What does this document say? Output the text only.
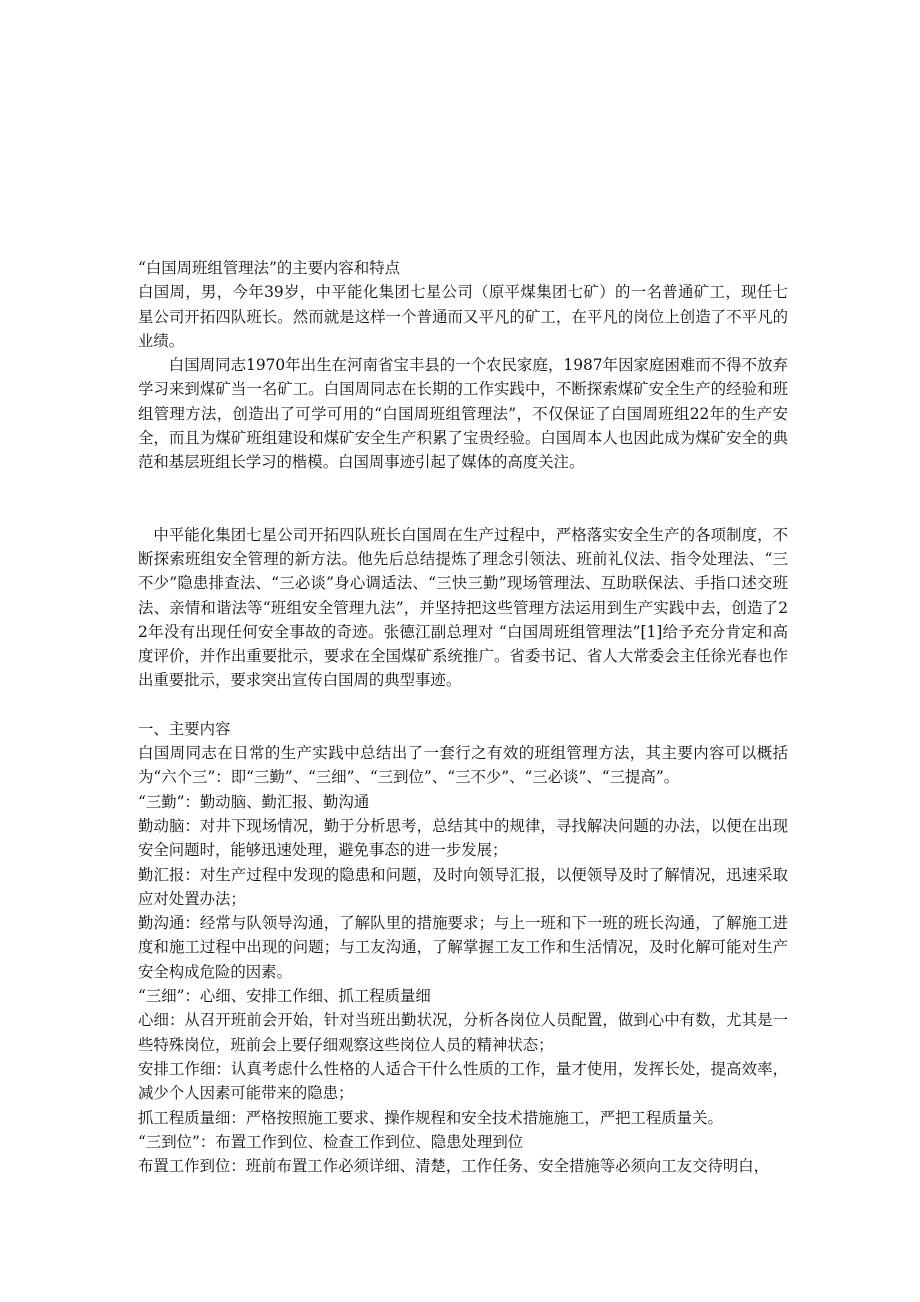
“白国周班组管理法”的主要内容和特点

白国周，男，今年39岁，中平能化集团七星公司（原平煤集团七矿）的一名普通矿工，现任七星公司开拓四队班长。然而就是这样一个普通而又平凡的矿工，在平凡的岗位上创造了不平凡的业绩。

白国周同志1970年出生在河南省宝丰县的一个农民家庭，1987年因家庭困难而不得不放弃学习来到煤矿当一名矿工。白国周同志在长期的工作实践中，不断探索煤矿安全生产的经验和班组管理方法，创造出了可学可用的“白国周班组管理法”，不仅保证了白国周班组22年的生产安全，而且为煤矿班组建设和煤矿安全生产积累了宝贵经验。白国周本人也因此成为煤矿安全的典范和基层班组长学习的楷模。白国周事迹引起了媒体的高度关注。

中平能化集团七星公司开拓四队班长白国周在生产过程中，严格落实安全生产的各项制度，不断探索班组安全管理的新方法。他先后总结提炼了理念引领法、班前礼仪法、指令处理法、“三不少”隐患排查法、“三必谈”身心调适法、“三快三勤”现场管理法、互助联保法、手指口述交班法、亲情和谐法等“班组安全管理九法”，并坚持把这些管理方法运用到生产实践中去，创造了22年没有出现任何安全事故的奇迹。张德江副总理对 “白国周班组管理法”[1]给予充分肯定和高度评价，并作出重要批示，要求在全国煤矿系统推广。省委书记、省人大常委会主任徐光春也作出重要批示，要求突出宣传白国周的典型事迹。

一、主要内容

白国周同志在日常的生产实践中总结出了一套行之有效的班组管理方法，其主要内容可以概括为“六个三”：即“三勤”、“三细”、“三到位”、“三不少”、“三必谈”、“三提高”。

“三勤”：勤动脑、勤汇报、勤沟通

勤动脑：对井下现场情况，勤于分析思考，总结其中的规律，寻找解决问题的办法，以便在出现安全问题时，能够迅速处理，避免事态的进一步发展；

勤汇报：对生产过程中发现的隐患和问题，及时向领导汇报，以便领导及时了解情况，迅速采取应对处置办法；

勤沟通：经常与队领导沟通，了解队里的措施要求；与上一班和下一班的班长沟通，了解施工进度和施工过程中出现的问题；与工友沟通，了解掌握工友工作和生活情况，及时化解可能对生产安全构成危险的因素。

“三细”：心细、安排工作细、抓工程质量细

心细：从召开班前会开始，针对当班出勤状况，分析各岗位人员配置，做到心中有数，尤其是一些特殊岗位，班前会上要仔细观察这些岗位人员的精神状态；

安排工作细：认真考虑什么性格的人适合干什么性质的工作，量才使用，发挥长处，提高效率，减少个人因素可能带来的隐患；

抓工程质量细：严格按照施工要求、操作规程和安全技术措施施工，严把工程质量关。

“三到位”：布置工作到位、检查工作到位、隐患处理到位

布置工作到位：班前布置工作必须详细、清楚，工作任务、安全措施等必须向工友交待明白，
